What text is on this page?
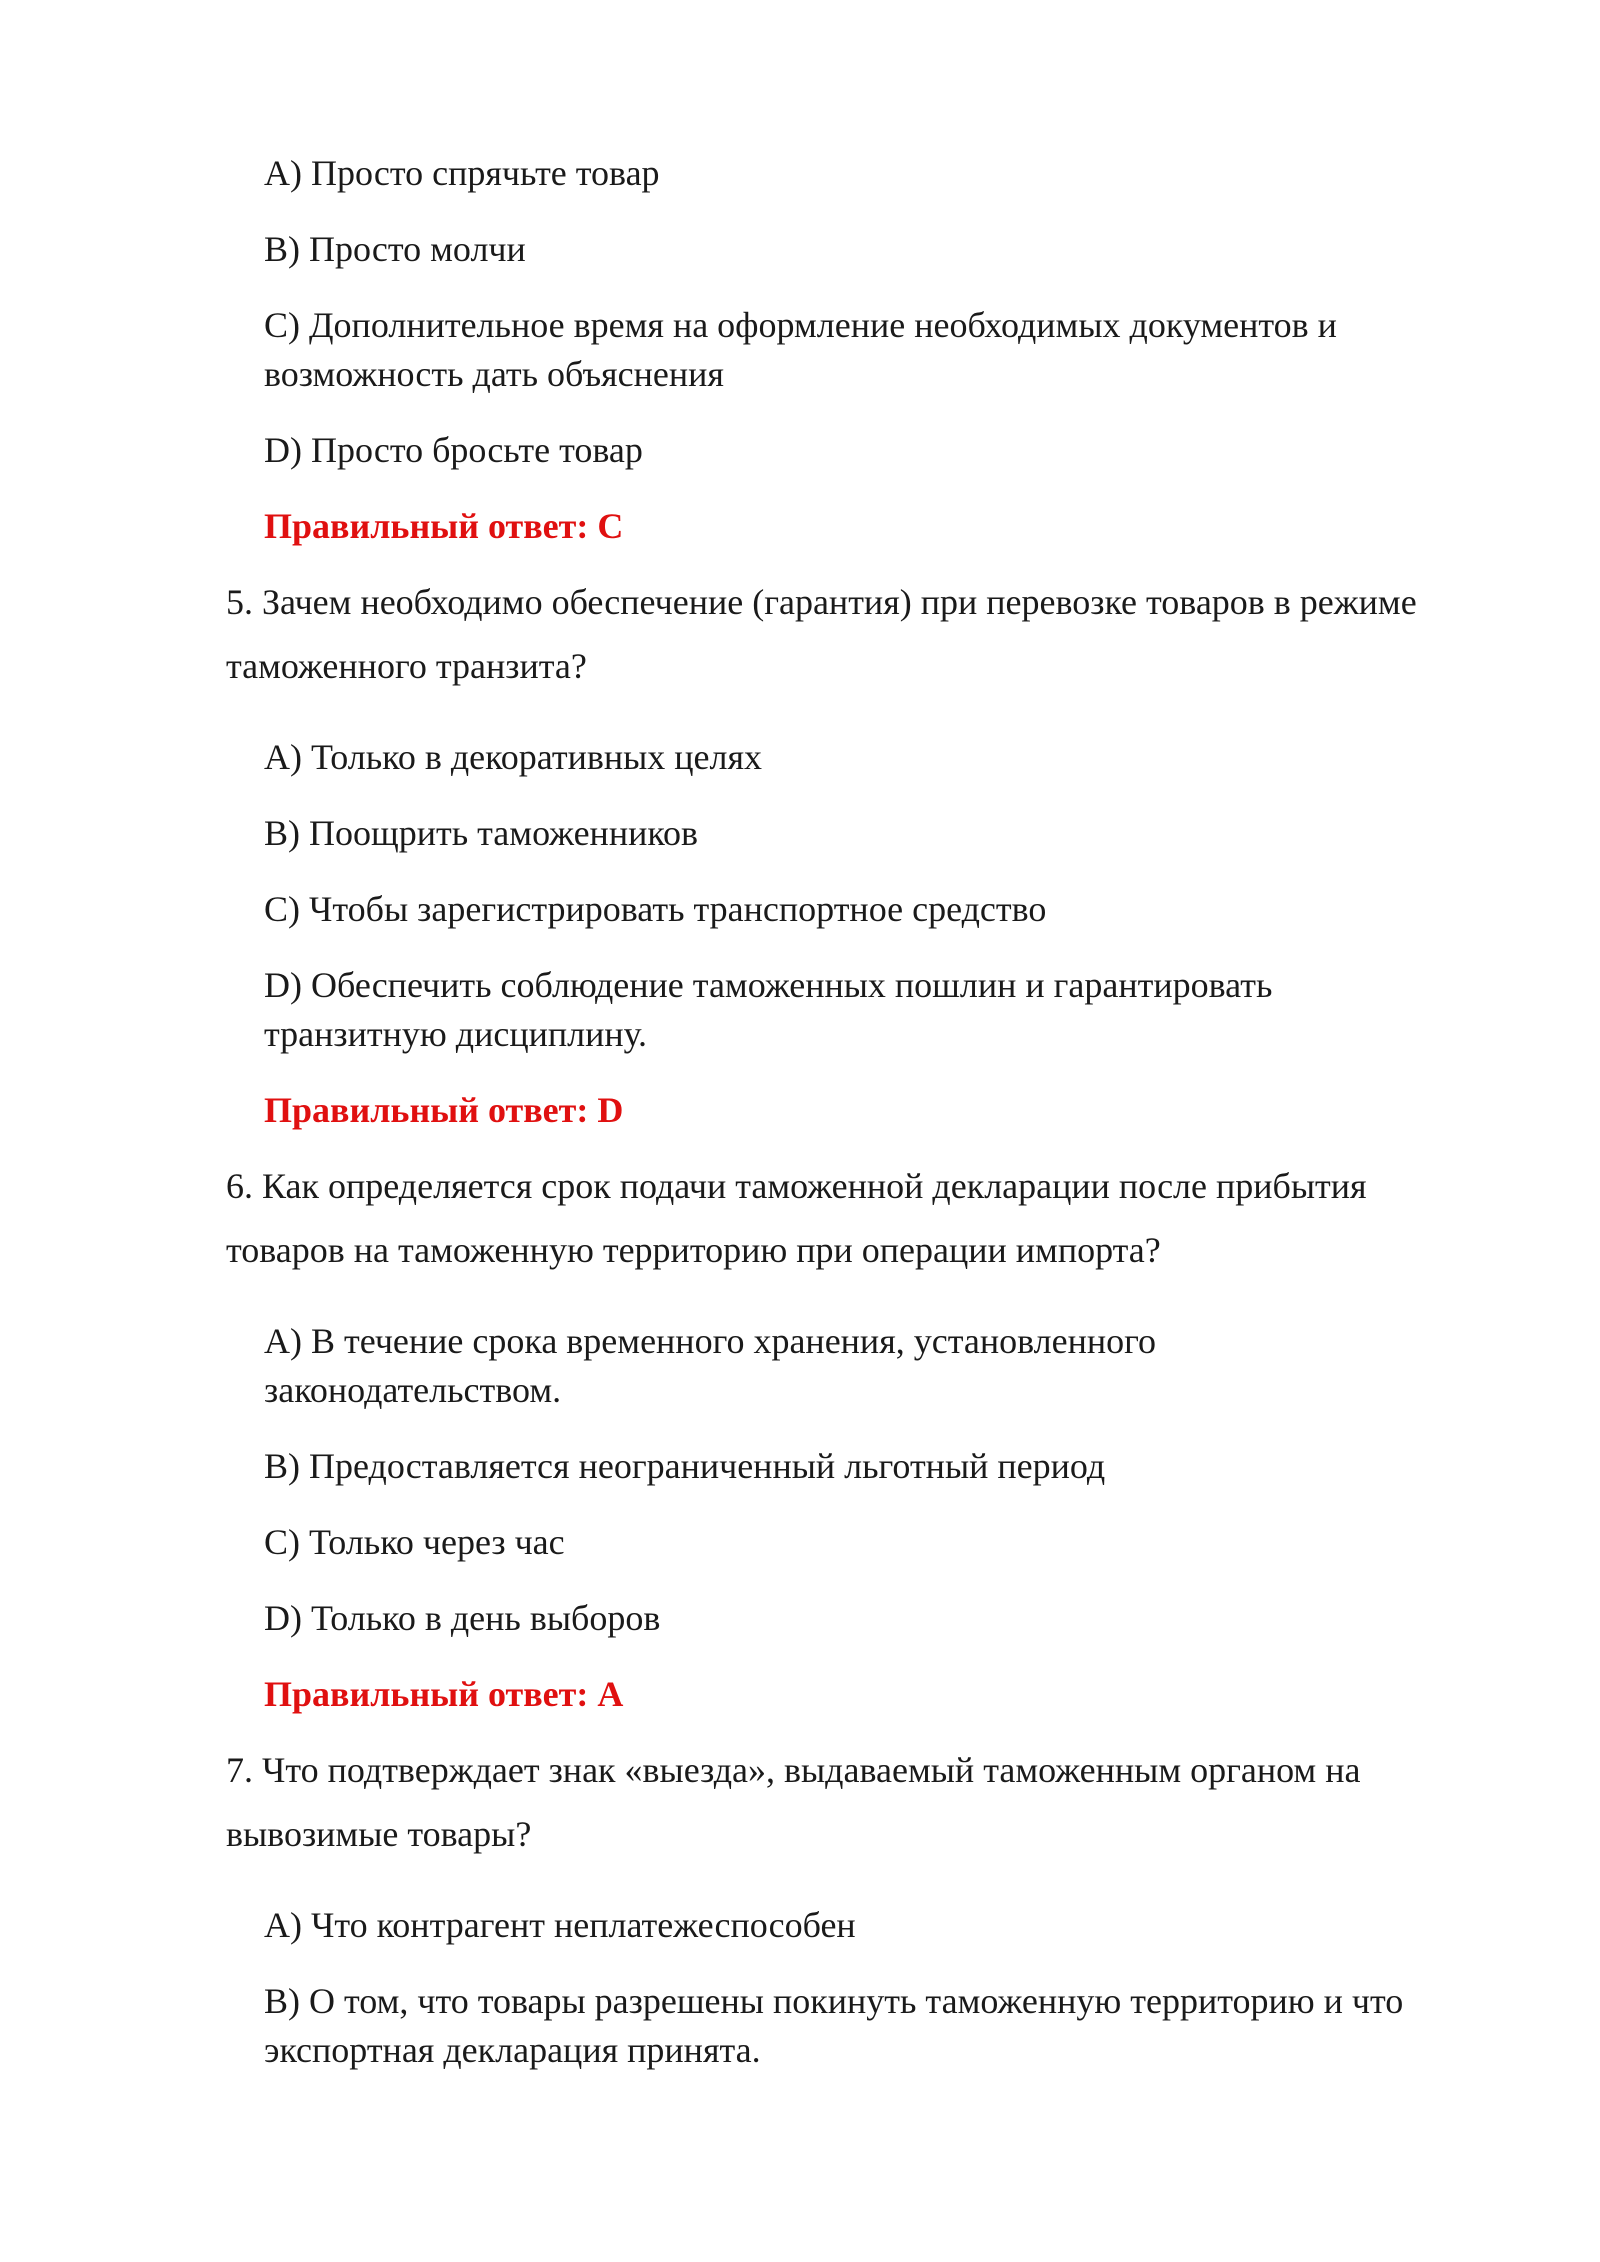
A) Просто спрячьте товар

B) Просто молчи

C) Дополнительное время на оформление необходимых документов и

возможность дать объяснения

D) Просто бросьте товар

Правильный ответ: C

5. Зачем необходимо обеспечение (гарантия) при перевозке товаров в режиме

таможенного транзита?

A) Только в декоративных целях

B) Поощрить таможенников

C) Чтобы зарегистрировать транспортное средство

D) Обеспечить соблюдение таможенных пошлин и гарантировать

транзитную дисциплину.

Правильный ответ: D

6. Как определяется срок подачи таможенной декларации после прибытия

товаров на таможенную территорию при операции импорта?

A) В течение срока временного хранения, установленного

законодательством.

B) Предоставляется неограниченный льготный период

C) Только через час

D) Только в день выборов

Правильный ответ: A

7. Что подтверждает знак «выезда», выдаваемый таможенным органом на

вывозимые товары?

A) Что контрагент неплатежеспособен

B) О том, что товары разрешены покинуть таможенную территорию и что

экспортная декларация принята.
